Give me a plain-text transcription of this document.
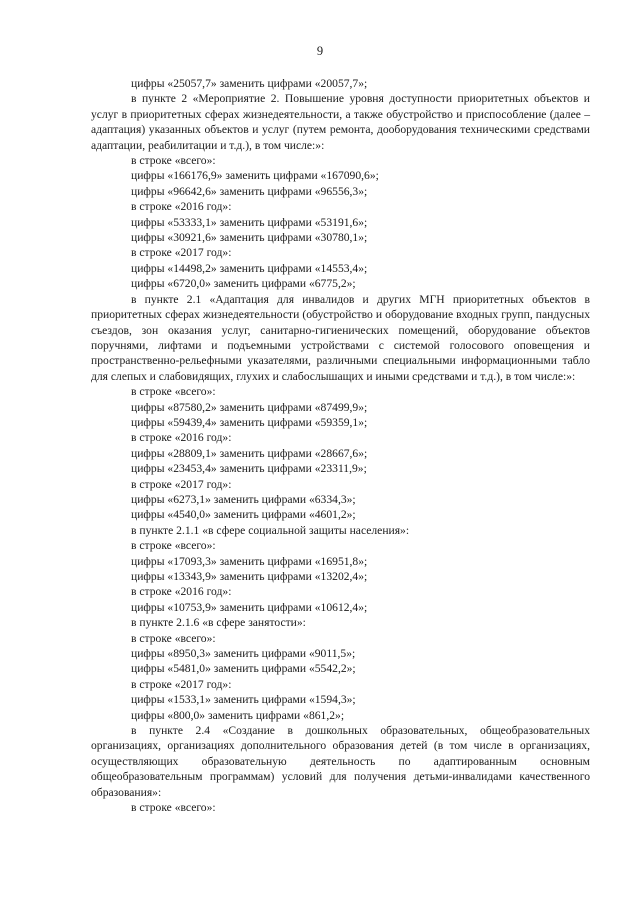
9

цифры «25057,7» заменить цифрами «20057,7»;

в пункте 2 «Мероприятие 2. Повышение уровня доступности приоритетных объектов и услуг в приоритетных сферах жизнедеятельности, а также обустройство и приспособление (далее – адаптация) указанных объектов и услуг (путем ремонта, дооборудования техническими средствами адаптации, реабилитации и т.д.), в том числе:»:

в строке «всего»:

цифры «166176,9» заменить цифрами «167090,6»;

цифры «96642,6» заменить цифрами «96556,3»;

в строке «2016 год»:

цифры «53333,1» заменить цифрами «53191,6»;

цифры «30921,6» заменить цифрами «30780,1»;

в строке «2017 год»:

цифры «14498,2» заменить цифрами «14553,4»;

цифры «6720,0» заменить цифрами «6775,2»;

в пункте 2.1 «Адаптация для инвалидов и других МГН приоритетных объектов в приоритетных сферах жизнедеятельности (обустройство и оборудование входных групп, пандусных съездов, зон оказания услуг, санитарно-гигиенических помещений, оборудование объектов поручнями, лифтами и подъемными устройствами с системой голосового оповещения и пространственно-рельефными указателями, различными специальными информационными табло для слепых и слабовидящих, глухих и слабослышащих и иными средствами и т.д.), в том числе:»:

в строке «всего»:

цифры «87580,2» заменить цифрами «87499,9»;

цифры «59439,4» заменить цифрами «59359,1»;

в строке «2016 год»:

цифры «28809,1» заменить цифрами «28667,6»;

цифры «23453,4» заменить цифрами «23311,9»;

в строке «2017 год»:

цифры «6273,1» заменить цифрами «6334,3»;

цифры «4540,0» заменить цифрами «4601,2»;

в пункте 2.1.1 «в сфере социальной защиты населения»:

в строке «всего»:

цифры «17093,3» заменить цифрами «16951,8»;

цифры «13343,9» заменить цифрами «13202,4»;

в строке «2016 год»:

цифры «10753,9» заменить цифрами «10612,4»;

в пункте 2.1.6 «в сфере занятости»:

в строке «всего»:

цифры «8950,3» заменить цифрами «9011,5»;

цифры «5481,0» заменить цифрами «5542,2»;

в строке «2017 год»:

цифры «1533,1» заменить цифрами «1594,3»;

цифры «800,0» заменить цифрами «861,2»;

в пункте 2.4 «Создание в дошкольных образовательных, общеобразовательных организациях, организациях дополнительного образования детей (в том числе в организациях, осуществляющих образовательную деятельность по адаптированным основным общеобразовательным программам) условий для получения детьми-инвалидами качественного образования»:

в строке «всего»:
